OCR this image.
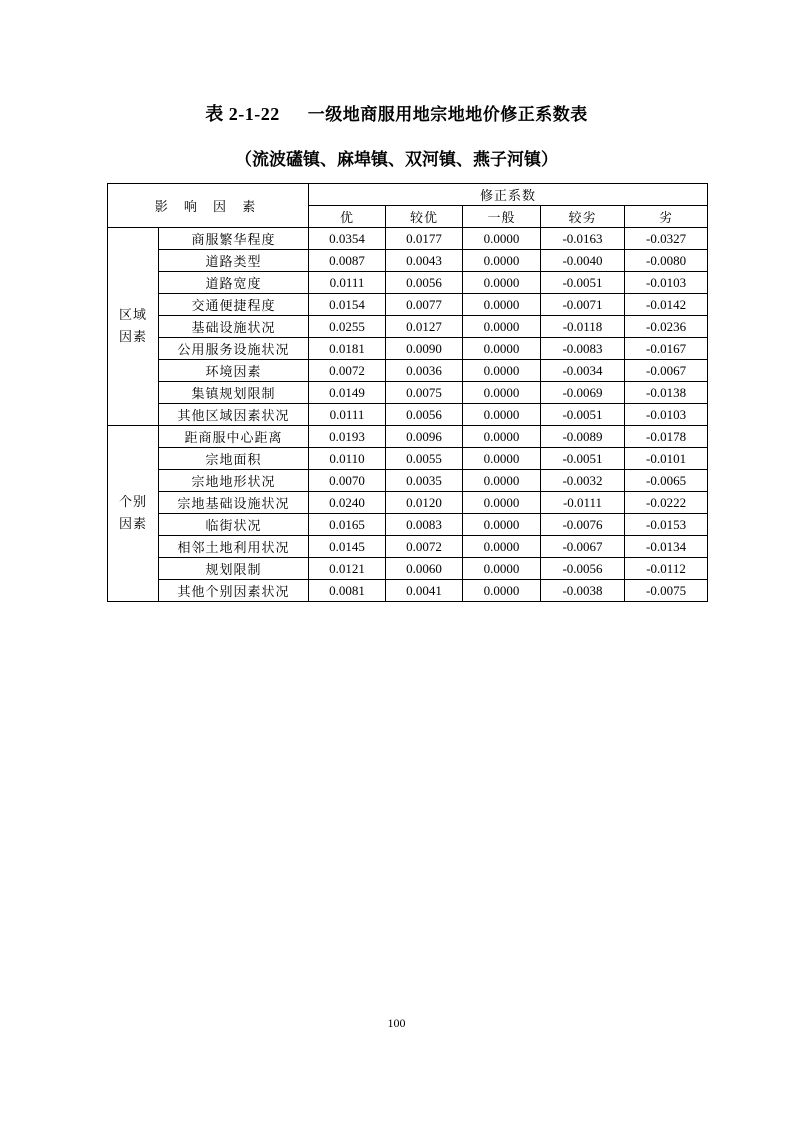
表 2-1-22 一级地商服用地宗地地价修正系数表
（流波礚镇、麻埠镇、双河镇、燕子河镇）
影 响 因 素		修正系数				
		优	较优	一般	较劣	劣

区域
因素	商服繁华程度	0.0354	0.0177	0.0000	-0.0163	-0.0327
	道路类型	0.0087	0.0043	0.0000	-0.0040	-0.0080
	道路宽度	0.0111	0.0056	0.0000	-0.0051	-0.0103
	交通便捷程度	0.0154	0.0077	0.0000	-0.0071	-0.0142
	基础设施状况	0.0255	0.0127	0.0000	-0.0118	-0.0236
	公用服务设施状况	0.0181	0.0090	0.0000	-0.0083	-0.0167
	环境因素	0.0072	0.0036	0.0000	-0.0034	-0.0067
	集镇规划限制	0.0149	0.0075	0.0000	-0.0069	-0.0138
	其他区域因素状况	0.0111	0.0056	0.0000	-0.0051	-0.0103

个别
因素	距商服中心距离	0.0193	0.0096	0.0000	-0.0089	-0.0178
	宗地面积	0.0110	0.0055	0.0000	-0.0051	-0.0101
	宗地地形状况	0.0070	0.0035	0.0000	-0.0032	-0.0065
	宗地基础设施状况	0.0240	0.0120	0.0000	-0.0111	-0.0222
	临街状况	0.0165	0.0083	0.0000	-0.0076	-0.0153
	相邻土地利用状况	0.0145	0.0072	0.0000	-0.0067	-0.0134
	规划限制	0.0121	0.0060	0.0000	-0.0056	-0.0112
	其他个别因素状况	0.0081	0.0041	0.0000	-0.0038	-0.0075
100
